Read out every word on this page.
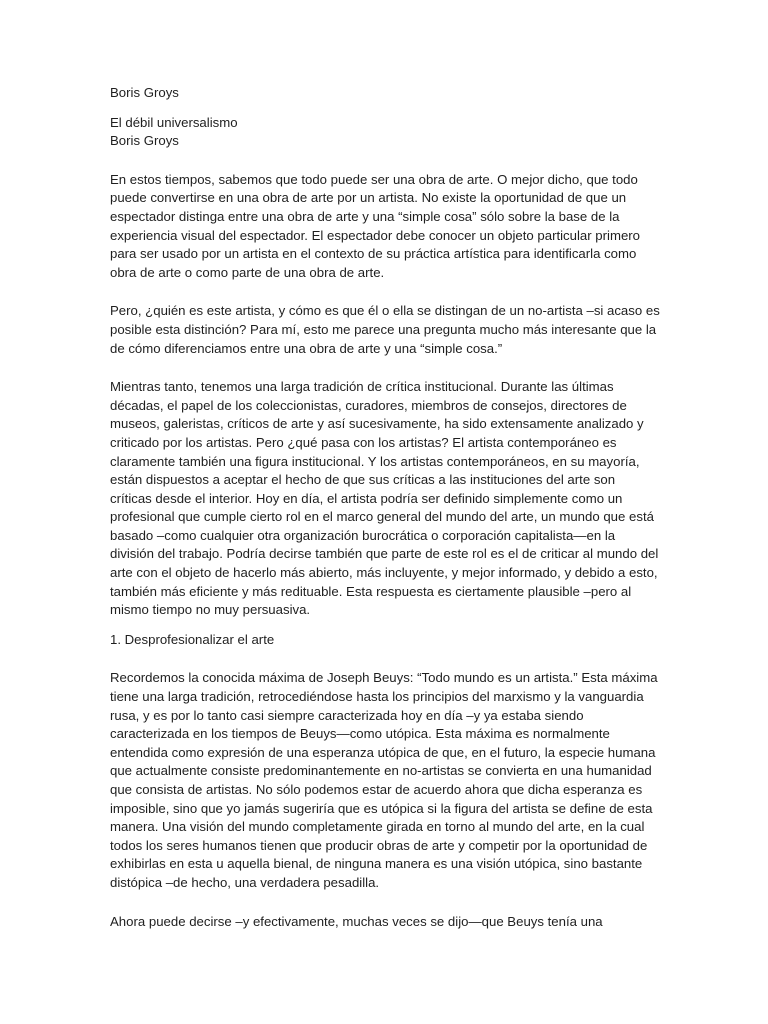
Boris Groys

El débil universalismo

Boris Groys

En estos tiempos, sabemos que todo puede ser una obra de arte. O mejor dicho, que todo puede convertirse en una obra de arte por un artista. No existe la oportunidad de que un espectador distinga entre una obra de arte y una “simple cosa” sólo sobre la base de la experiencia visual del espectador. El espectador debe conocer un objeto particular primero para ser usado por un artista en el contexto de su práctica artística para identificarla como obra de arte o como parte de una obra de arte.

Pero, ¿quién es este artista, y cómo es que él o ella se distingan de un no-artista –si acaso es posible esta distinción? Para mí, esto me parece una pregunta mucho más interesante que la de cómo diferenciamos entre una obra de arte y una “simple cosa.”

Mientras tanto, tenemos una larga tradición de crítica institucional. Durante las últimas décadas, el papel de los coleccionistas, curadores, miembros de consejos, directores de museos, galeristas, críticos de arte y así sucesivamente, ha sido extensamente analizado y criticado por los artistas. Pero ¿qué pasa con los artistas? El artista contemporáneo es claramente también una figura institucional. Y los artistas contemporáneos, en su mayoría, están dispuestos a aceptar el hecho de que sus críticas a las instituciones del arte son críticas desde el interior. Hoy en día, el artista podría ser definido simplemente como un profesional que cumple cierto rol en el marco general del mundo del arte, un mundo que está basado –como cualquier otra organización burocrática o corporación capitalista—en la división del trabajo. Podría decirse también que parte de este rol es el de criticar al mundo del arte con el objeto de hacerlo más abierto, más incluyente, y mejor informado, y debido a esto, también más eficiente y más redituable. Esta respuesta es ciertamente plausible –pero al mismo tiempo no muy persuasiva.

1. Desprofesionalizar el arte

Recordemos la conocida máxima de Joseph Beuys: “Todo mundo es un artista.” Esta máxima tiene una larga tradición, retrocediéndose hasta los principios del marxismo y la vanguardia rusa, y es por lo tanto casi siempre caracterizada hoy en día –y ya estaba siendo caracterizada en los tiempos de Beuys—como utópica. Esta máxima es normalmente entendida como expresión de una esperanza utópica de que, en el futuro, la especie humana que actualmente consiste predominantemente en no-artistas se convierta en una humanidad que consista de artistas. No sólo podemos estar de acuerdo ahora que dicha esperanza es imposible, sino que yo jamás sugeriría que es utópica si la figura del artista se define de esta manera. Una visión del mundo completamente girada en torno al mundo del arte, en la cual todos los seres humanos tienen que producir obras de arte y competir por la oportunidad de exhibirlas en esta u aquella bienal, de ninguna manera es una visión utópica, sino bastante distópica –de hecho, una verdadera pesadilla.

Ahora puede decirse –y efectivamente, muchas veces se dijo—que Beuys tenía una
